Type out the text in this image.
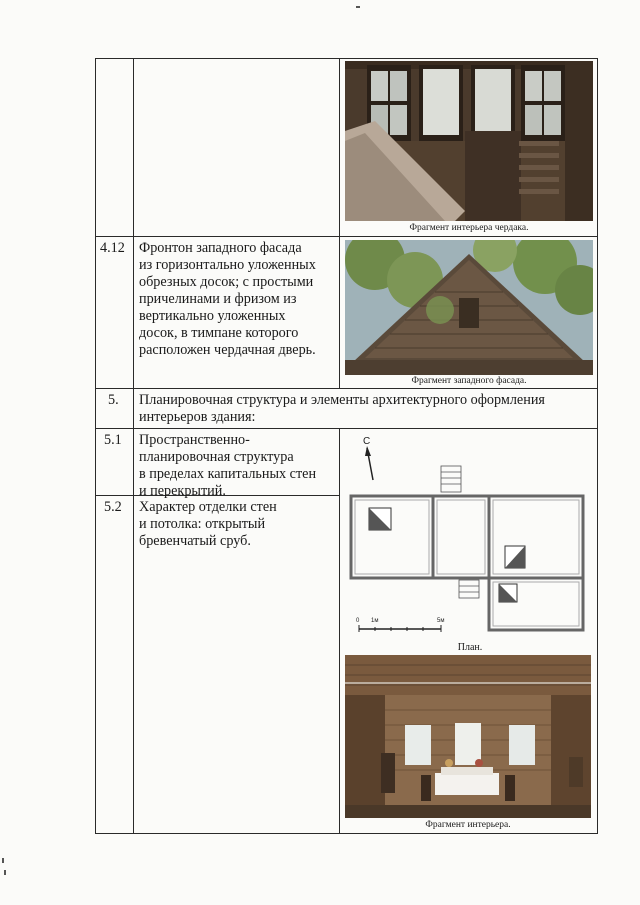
4.12 Фронтон западного фасада
из горизонтально уложенных
обрезных досок; с простыми
причелинами и фризом из
вертикально уложенных
досок, в тимпане которого
расположен чердачная дверь.
5. Планировочная структура и элементы архитектурного оформления
интерьеров здания:
5.1 Пространственно-
планировочная структура
в пределах капитальных стен
и перекрытий.
5.2 Характер отделки стен
и потолка: открытый
бревенчатый сруб.
Фрагмент интерьера чердака.
Фрагмент западного фасада.
С
0 1м	5м
План.
Фрагмент интерьера.
